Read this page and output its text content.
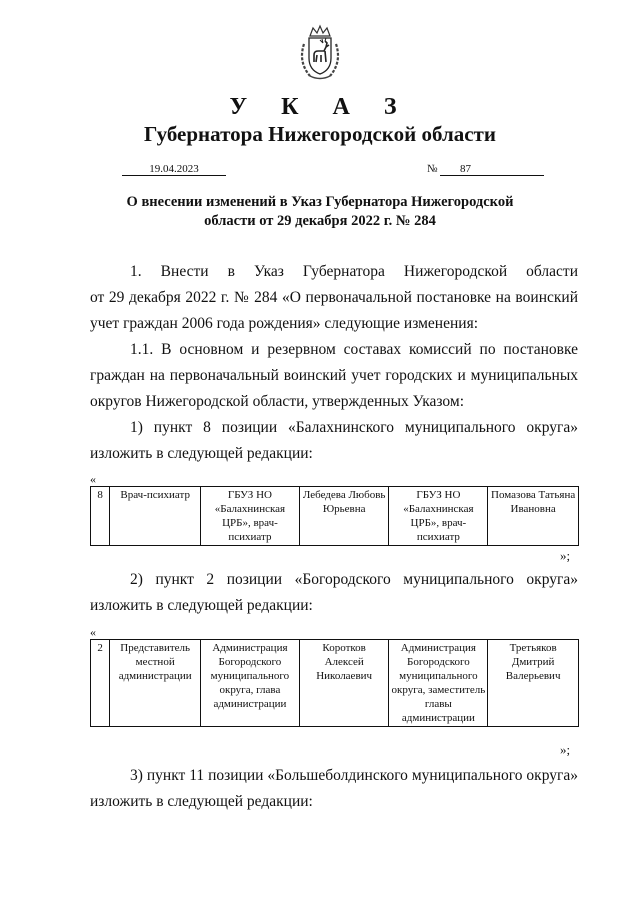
У К А З
Губернатора Нижегородской области
19.04.2023	№	87
О внесении изменений в Указ Губернатора Нижегородской
области от 29 декабря 2022 г. № 284
1. Внести в Указ Губернатора Нижегородской области
от 29 декабря 2022 г. № 284 «О первоначальной постановке на воинский
учет граждан 2006 года рождения» следующие изменения:
1.1. В основном и резервном составах комиссий по постановке
граждан на первоначальный воинский учет городских и муниципальных
округов Нижегородской области, утвержденных Указом:
1) пункт 8 позиции «Балахнинского муниципального округа»
изложить в следующей редакции:
«
8	Врач-психиатр	ГБУЗ НО «Балахнинская ЦРБ», врач-психиатр	Лебедева Любовь Юрьевна	ГБУЗ НО «Балахнинская ЦРБ», врач-психиатр	Помазова Татьяна Ивановна
»;
2) пункт 2 позиции «Богородского муниципального округа»
изложить в следующей редакции:
«
2	Представитель местной администрации	Администрация Богородского муниципального округа, глава администрации	Коротков Алексей Николаевич	Администрация Богородского муниципального округа, заместитель главы администрации	Третьяков Дмитрий Валерьевич
»;
3) пункт 11 позиции «Большеболдинского муниципального округа»
изложить в следующей редакции:
